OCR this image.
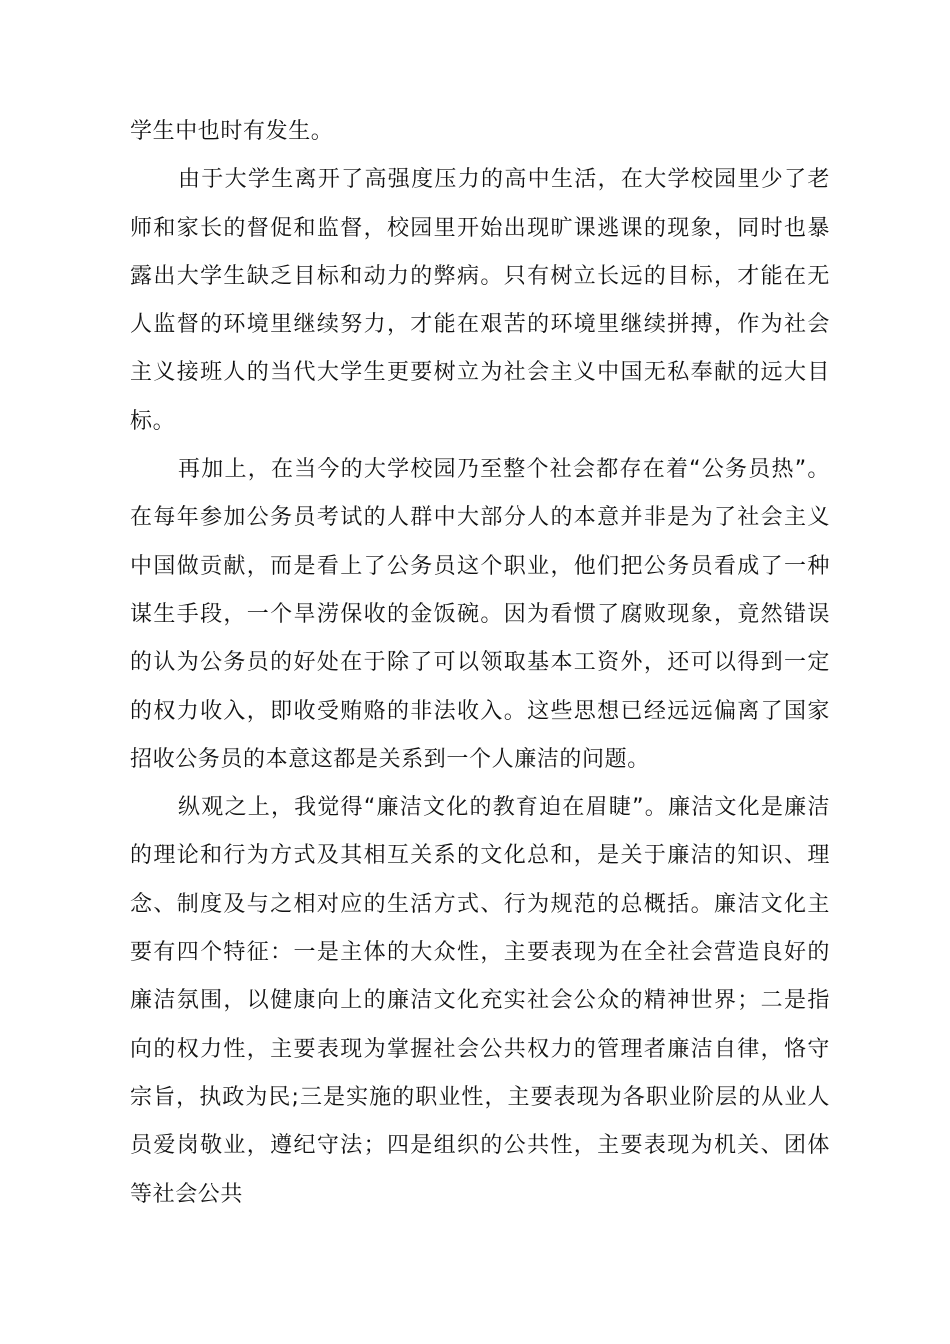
学生中也时有发生。

由于大学生离开了高强度压力的高中生活，在大学校园里少了老师和家长的督促和监督，校园里开始出现旷课逃课的现象，同时也暴露出大学生缺乏目标和动力的弊病。只有树立长远的目标，才能在无人监督的环境里继续努力，才能在艰苦的环境里继续拼搏，作为社会主义接班人的当代大学生更要树立为社会主义中国无私奉献的远大目标。

再加上，在当今的大学校园乃至整个社会都存在着“公务员热”。在每年参加公务员考试的人群中大部分人的本意并非是为了社会主义中国做贡献，而是看上了公务员这个职业，他们把公务员看成了一种谋生手段，一个旱涝保收的金饭碗。因为看惯了腐败现象，竟然错误的认为公务员的好处在于除了可以领取基本工资外，还可以得到一定的权力收入，即收受贿赂的非法收入。这些思想已经远远偏离了国家招收公务员的本意这都是关系到一个人廉洁的问题。

纵观之上，我觉得“廉洁文化的教育迫在眉睫”。廉洁文化是廉洁的理论和行为方式及其相互关系的文化总和，是关于廉洁的知识、理念、制度及与之相对应的生活方式、行为规范的总概括。廉洁文化主要有四个特征：一是主体的大众性，主要表现为在全社会营造良好的廉洁氛围，以健康向上的廉洁文化充实社会公众的精神世界；二是指向的权力性，主要表现为掌握社会公共权力的管理者廉洁自律，恪守宗旨，执政为民;三是实施的职业性，主要表现为各职业阶层的从业人员爱岗敬业，遵纪守法；四是组织的公共性，主要表现为机关、团体等社会公共
